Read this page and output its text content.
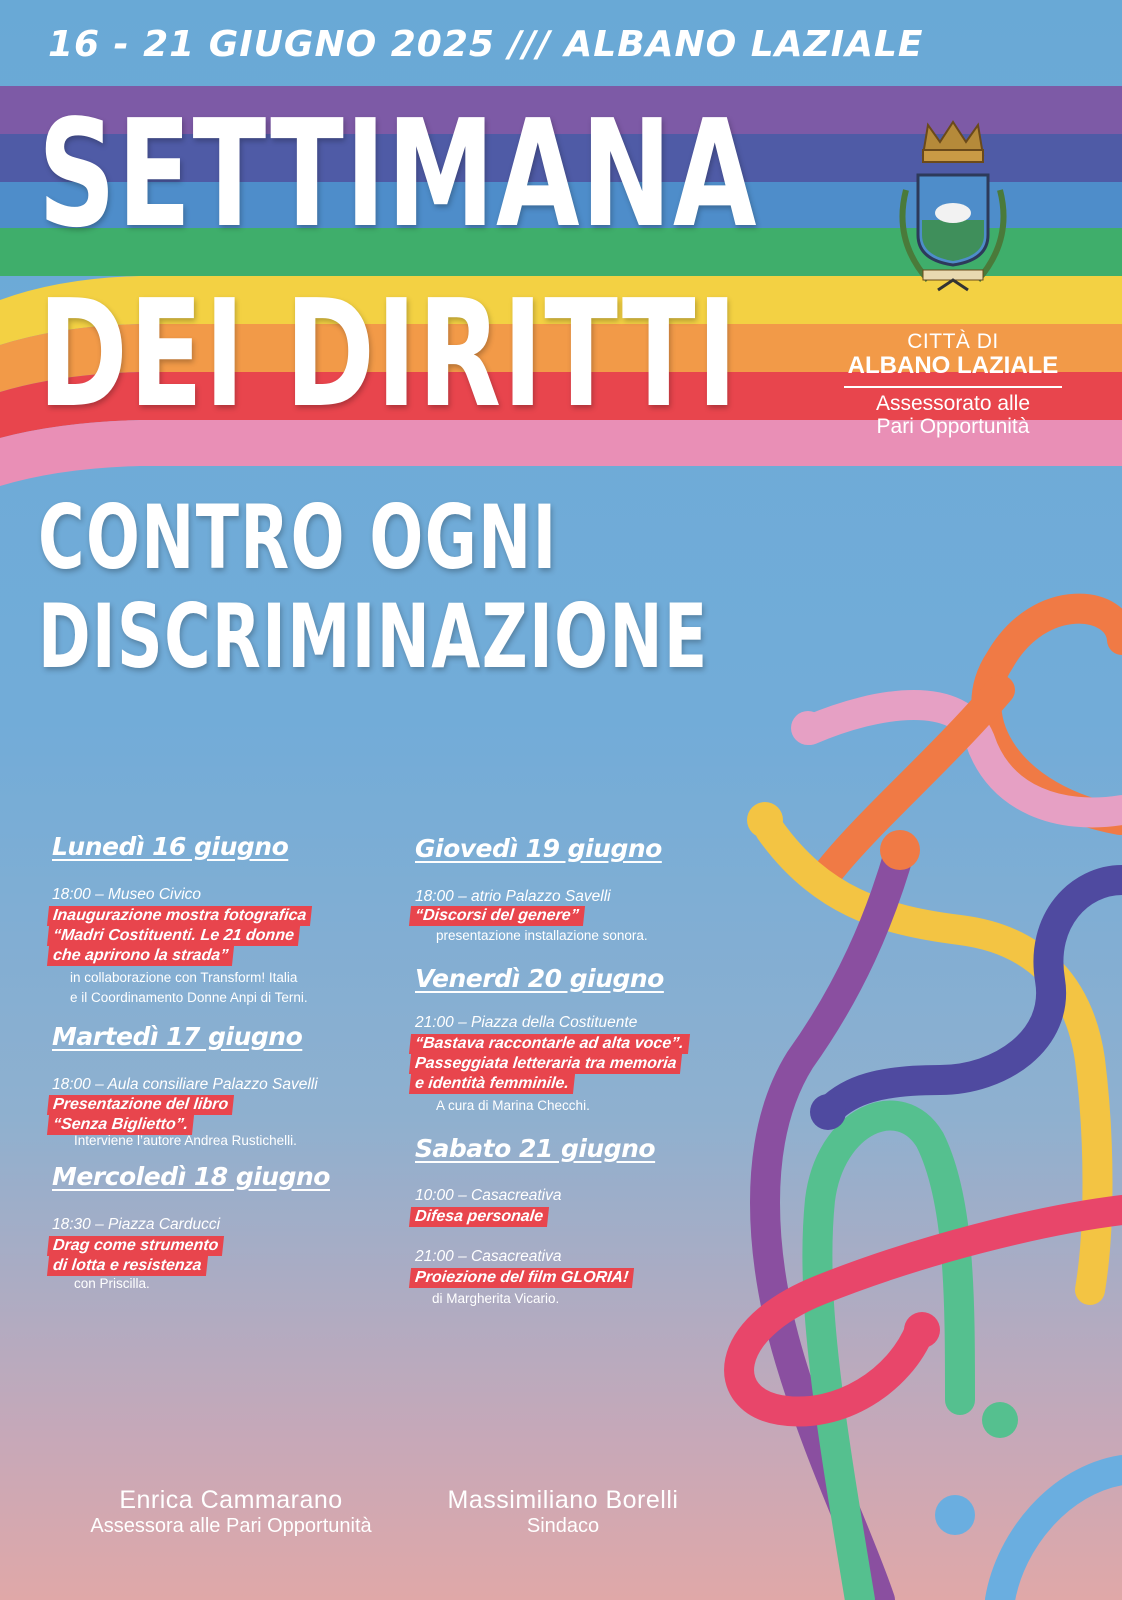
16 - 21 GIUGNO 2025 /// ALBANO LAZIALE
SETTIMANA
DEI DIRITTI
CONTRO OGNI
DISCRIMINAZIONE
CITTÀ DI
ALBANO LAZIALE
Assessorato alle
Pari Opportunità
Lunedì 16 giugno
18:00 – Museo Civico
Inaugurazione mostra fotografica
“Madri Costituenti. Le 21 donne
che aprirono la strada”
in collaborazione con Transform! Italia
e il Coordinamento Donne Anpi di Terni.
Martedì 17 giugno
18:00 – Aula consiliare Palazzo Savelli
Presentazione del libro
“Senza Biglietto”.
Interviene l’autore Andrea Rustichelli.
Mercoledì 18 giugno
18:30 – Piazza Carducci
Drag come strumento
di lotta e resistenza
con Priscilla.
Giovedì 19 giugno
18:00 – atrio Palazzo Savelli
“Discorsi del genere”
presentazione installazione sonora.
Venerdì 20 giugno
21:00 – Piazza della Costituente
“Bastava raccontarle ad alta voce”.
Passeggiata letteraria tra memoria
e identità femminile.
A cura di Marina Checchi.
Sabato 21 giugno
10:00 – Casacreativa
Difesa personale
21:00 – Casacreativa
Proiezione del film GLORIA!
di Margherita Vicario.
Enrica Cammarano
Assessora alle Pari Opportunità
Massimiliano Borelli
Sindaco
